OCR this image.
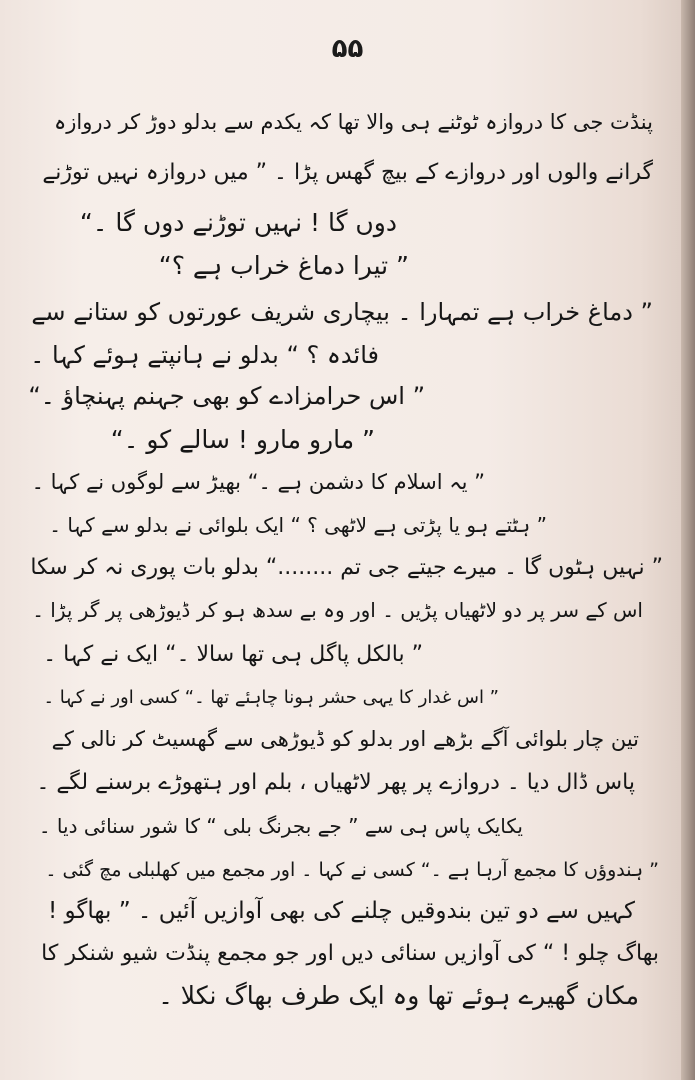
۵۵
پنڈت جی کا دروازہ ٹوٹنے ہی والا تھا کہ یکدم سے بدلو دوڑ کر دروازہ
گرانے والوں اور دروازے کے بیچ گھس پڑا ۔ ” میں دروازہ نہیں توڑنے
دوں گا ! نہیں توڑنے دوں گا ۔“
” تیرا دماغ خراب ہے ؟“
” دماغ خراب ہے تمہارا ۔ بیچاری شریف عورتوں کو ستانے سے
فائدہ ؟ “ بدلو نے ہانپتے ہوئے کہا ۔
” اس حرامزادے کو بھی جہنم پہنچاؤ ۔“
” مارو مارو ! سالے کو ۔“
” یہ اسلام کا دشمن ہے ۔“ بھیڑ سے لوگوں نے کہا ۔
” ہٹتے ہو یا پڑتی ہے لاٹھی ؟ “ ایک بلوائی نے بدلو سے کہا ۔
” نہیں ہٹوں گا ۔ میرے جیتے جی تم ........“ بدلو بات پوری نہ کر سکا
اس کے سر پر دو لاٹھیاں پڑیں ۔ اور وہ بے سدھ ہو کر ڈیوڑھی پر گر پڑا ۔
” بالکل پاگل ہی تھا سالا ۔“ ایک نے کہا ۔
” اس غدار کا یہی حشر ہونا چاہئے تھا ۔“ کسی اور نے کہا ۔
تین چار بلوائی آگے بڑھے اور بدلو کو ڈیوڑھی سے گھسیٹ کر نالی کے
پاس ڈال دیا ۔ دروازے پر پھر لاٹھیاں ، بلم اور ہتھوڑے برسنے لگے ۔
یکایک پاس ہی سے ” جے بجرنگ بلی “ کا شور سنائی دیا ۔
” ہندوؤں کا مجمع آرہا ہے ۔“ کسی نے کہا ۔ اور مجمع میں کھلبلی مچ گئی ۔
کہیں سے دو تین بندوقیں چلنے کی بھی آوازیں آئیں ۔ ” بھاگو !
بھاگ چلو ! “ کی آوازیں سنائی دیں اور جو مجمع پنڈت شیو شنکر کا
مکان گھیرے ہوئے تھا وہ ایک طرف بھاگ نکلا ۔
